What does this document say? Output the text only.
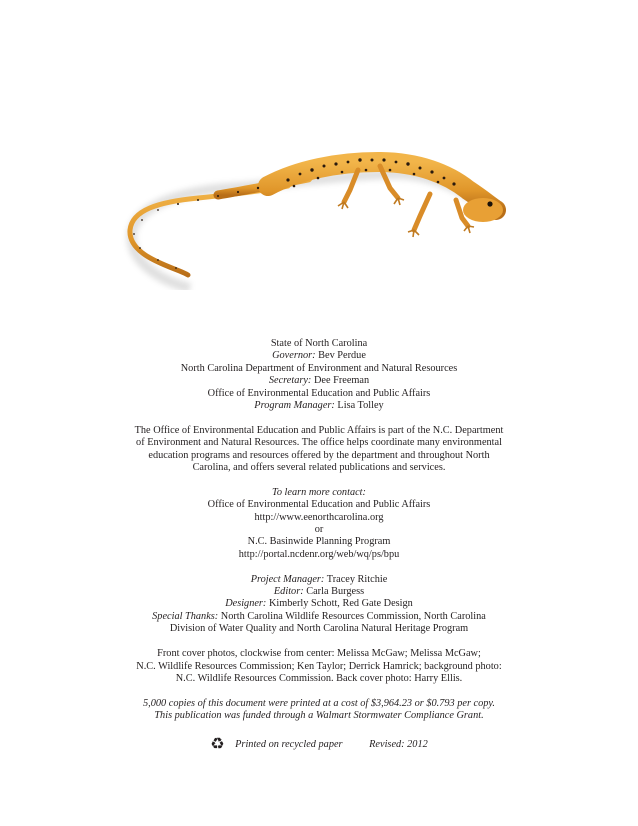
State of North Carolina

Governor: Bev Perdue

North Carolina Department of Environment and Natural Resources

Secretary: Dee Freeman

Office of Environmental Education and Public Affairs

Program Manager: Lisa Tolley

The Office of Environmental Education and Public Affairs is part of the N.C. Department

of Environment and Natural Resources. The office helps coordinate many environmental

education programs and resources offered by the department and throughout North

Carolina, and offers several related publications and services.

To learn more contact:

Office of Environmental Education and Public Affairs

http://www.eenorthcarolina.org

or

N.C. Basinwide Planning Program

http://portal.ncdenr.org/web/wq/ps/bpu

Project Manager: Tracey Ritchie

Editor: Carla Burgess

Designer: Kimberly Schott, Red Gate Design

Special Thanks: North Carolina Wildlife Resources Commission, North Carolina

Division of Water Quality and North Carolina Natural Heritage Program

Front cover photos, clockwise from center: Melissa McGaw; Melissa McGaw;

N.C. Wildlife Resources Commission; Ken Taylor; Derrick Hamrick; background photo:

N.C. Wildlife Resources Commission. Back cover photo: Harry Ellis.

5,000 copies of this document were printed at a cost of $3,964.23 or $0.793 per copy.

This publication was funded through a Walmart Stormwater Compliance Grant.

♻ Printed on recycled paper	Revised: 2012
